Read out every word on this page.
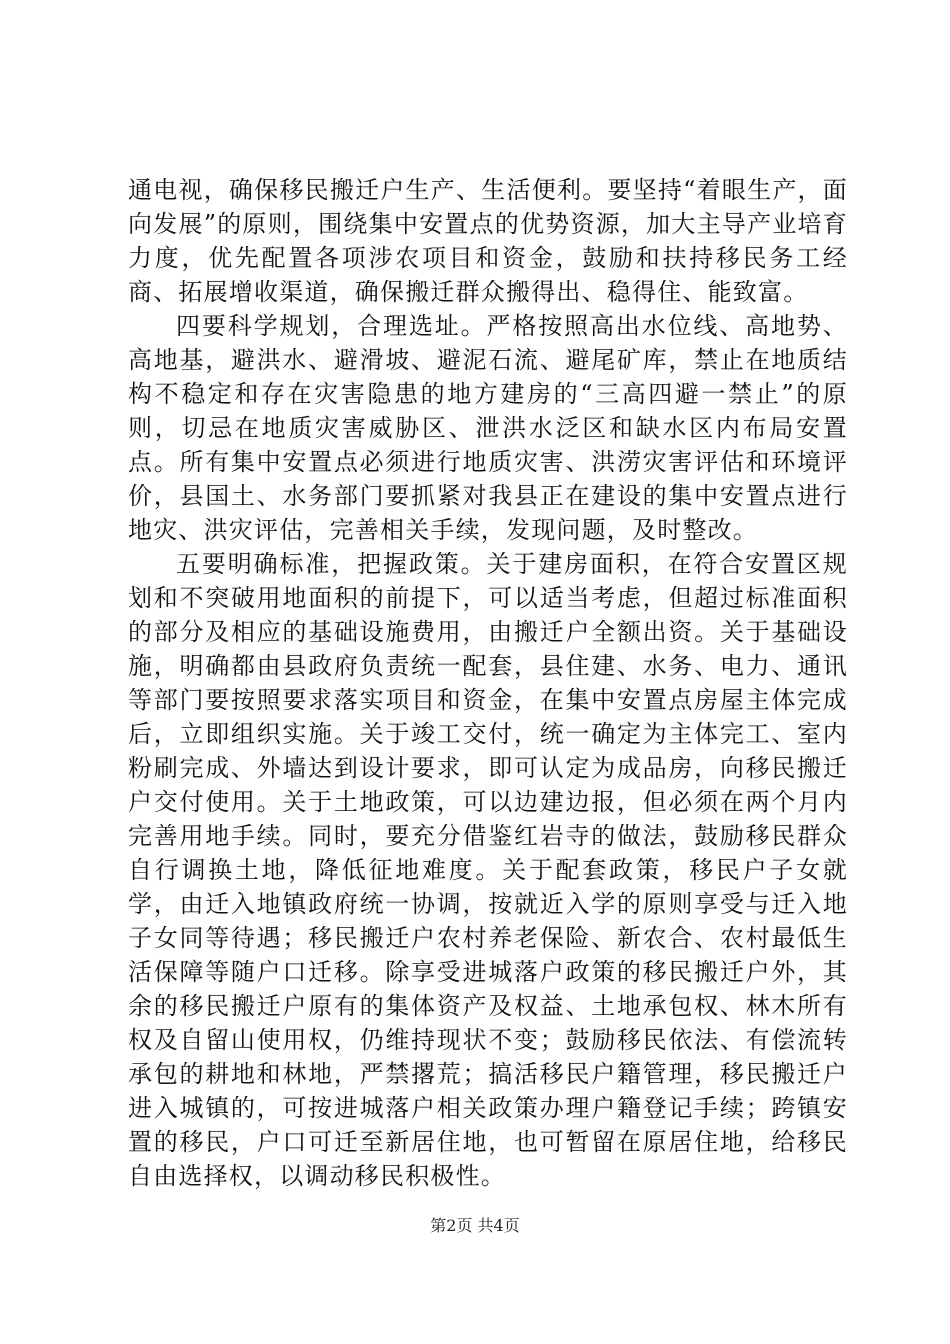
通电视，确保移民搬迁户生产、生活便利。要坚持“着眼生产，面向发展”的原则，围绕集中安置点的优势资源，加大主导产业培育力度，优先配置各项涉农项目和资金，鼓励和扶持移民务工经商、拓展增收渠道，确保搬迁群众搬得出、稳得住、能致富。

四要科学规划，合理选址。严格按照高出水位线、高地势、高地基，避洪水、避滑坡、避泥石流、避尾矿库，禁止在地质结构不稳定和存在灾害隐患的地方建房的“三高四避一禁止”的原则，切忌在地质灾害威胁区、泄洪水泛区和缺水区内布局安置点。所有集中安置点必须进行地质灾害、洪涝灾害评估和环境评价，县国土、水务部门要抓紧对我县正在建设的集中安置点进行地灾、洪灾评估，完善相关手续，发现问题，及时整改。

五要明确标准，把握政策。关于建房面积，在符合安置区规划和不突破用地面积的前提下，可以适当考虑，但超过标准面积的部分及相应的基础设施费用，由搬迁户全额出资。关于基础设施，明确都由县政府负责统一配套，县住建、水务、电力、通讯等部门要按照要求落实项目和资金，在集中安置点房屋主体完成后，立即组织实施。关于竣工交付，统一确定为主体完工、室内粉刷完成、外墙达到设计要求，即可认定为成品房，向移民搬迁户交付使用。关于土地政策，可以边建边报，但必须在两个月内完善用地手续。同时，要充分借鉴红岩寺的做法，鼓励移民群众自行调换土地，降低征地难度。关于配套政策，移民户子女就学，由迁入地镇政府统一协调，按就近入学的原则享受与迁入地子女同等待遇；移民搬迁户农村养老保险、新农合、农村最低生活保障等随户口迁移。除享受进城落户政策的移民搬迁户外，其余的移民搬迁户原有的集体资产及权益、土地承包权、林木所有权及自留山使用权，仍维持现状不变；鼓励移民依法、有偿流转承包的耕地和林地，严禁撂荒；搞活移民户籍管理，移民搬迁户进入城镇的，可按进城落户相关政策办理户籍登记手续；跨镇安置的移民，户口可迁至新居住地，也可暂留在原居住地，给移民自由选择权，以调动移民积极性。

第2页 共4页
